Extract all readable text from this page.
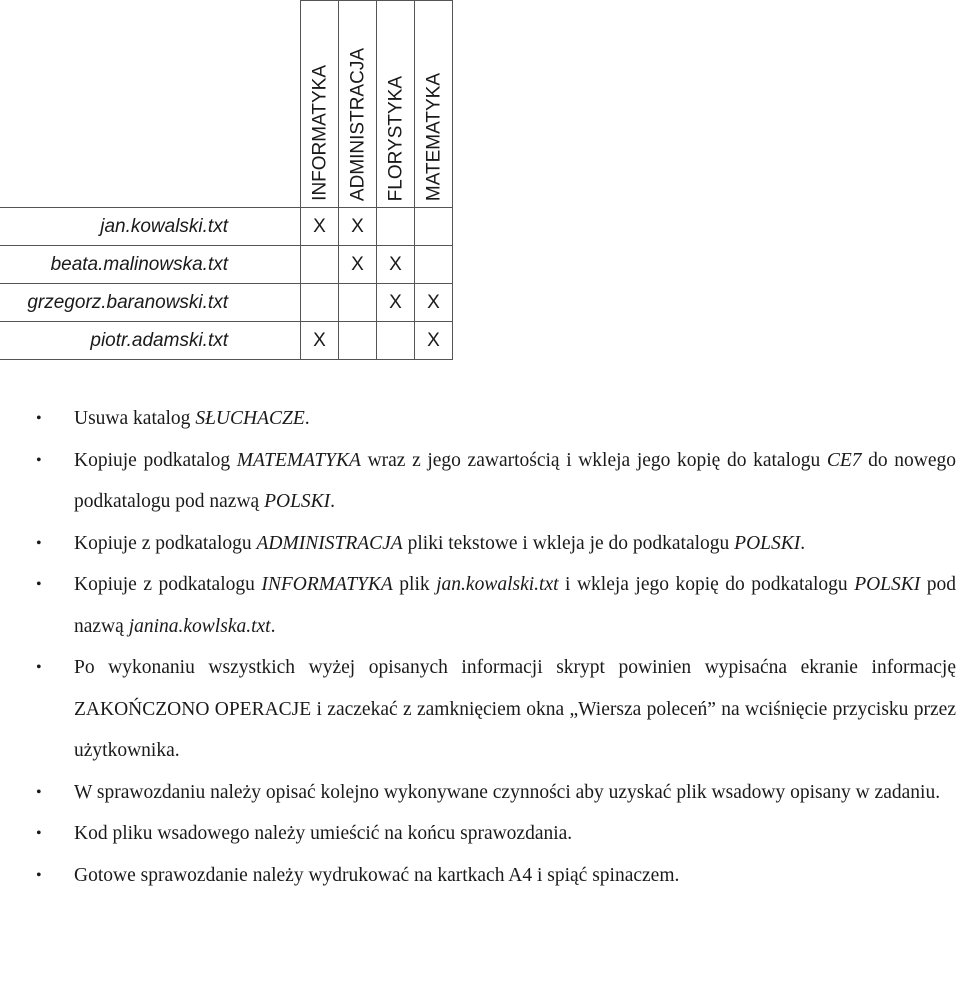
	INFORMATYKA	ADMINISTRACJA	FLORYSTYKA	MATEMATYKA

jan.kowalski.txt	X	X		
beata.malinowska.txt		X	X	
grzegorz.baranowski.txt			X	X
piotr.adamski.txt	X			X
• Usuwa katalog SŁUCHACZE.
• Kopiuje podkatalog MATEMATYKA wraz z jego zawartością i wkleja jego kopię do katalogu CE7 do nowego podkatalogu pod nazwą POLSKI.
• Kopiuje z podkatalogu ADMINISTRACJA pliki tekstowe i wkleja je do podkatalogu POLSKI.
• Kopiuje z podkatalogu INFORMATYKA plik jan.kowalski.txt i wkleja jego kopię do podkatalogu POLSKI pod nazwą janina.kowlska.txt.
• Po wykonaniu wszystkich wyżej opisanych informacji skrypt powinien wypisaćna ekranie informację ZAKOŃCZONO OPERACJE i zaczekać z zamknięciem okna „Wiersza poleceń” na wciśnięcie przycisku przez użytkownika.
• W sprawozdaniu należy opisać kolejno wykonywane czynności aby uzyskać plik wsadowy opisany w zadaniu.
• Kod pliku wsadowego należy umieścić na końcu sprawozdania.
• Gotowe sprawozdanie należy wydrukować na kartkach A4 i spiąć spinaczem.
